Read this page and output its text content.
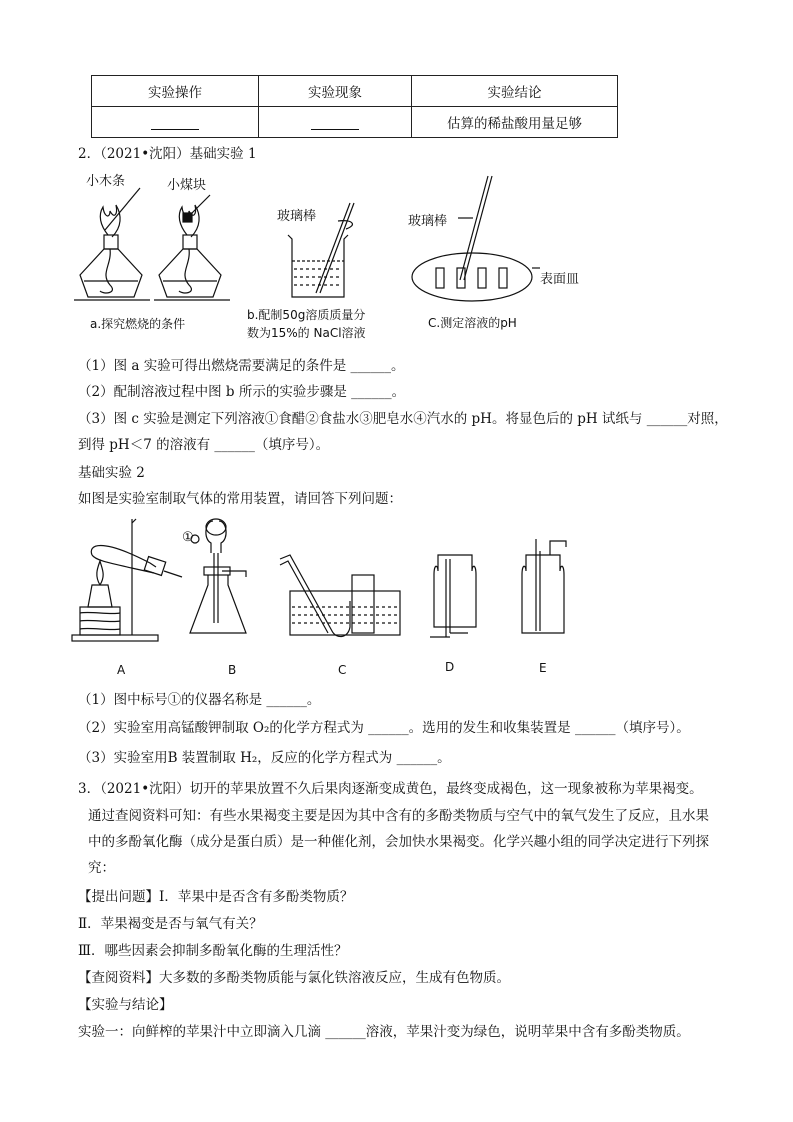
实验操作	实验现象	实验结论
		估算的稀盐酸用量足够
2．（2021•沈阳）基础实验 1
小木条	小煤块
a.探究燃烧的条件
玻璃棒
b.配制50g溶质质量分
数为15%的 NaCl溶液
玻璃棒
表面皿
C.测定溶液的pH
（1）图 a 实验可得出燃烧需要满足的条件是 ______。
（2）配制溶液过程中图 b 所示的实验步骤是 ______。
（3）图 c 实验是测定下列溶液①食醋②食盐水③肥皂水④汽水的 pH。将显色后的 pH 试纸与 ______对照，
到得 pH＜7 的溶液有 ______（填序号）。
基础实验 2
如图是实验室制取气体的常用装置，请回答下列问题：
①
A	B	C	D	E
（1）图中标号①的仪器名称是 ______。
（2）实验室用高锰酸钾制取 O₂的化学方程式为 ______。选用的发生和收集装置是 ______（填序号）。
（3）实验室用B 装置制取 H₂，反应的化学方程式为 ______。
3．（2021•沈阳）切开的苹果放置不久后果肉逐渐变成黄色，最终变成褐色，这一现象被称为苹果褐变。
通过查阅资料可知：有些水果褐变主要是因为其中含有的多酚类物质与空气中的氧气发生了反应，且水果中的多酚氧化酶（成分是蛋白质）是一种催化剂，会加快水果褐变。化学兴趣小组的同学决定进行下列探究：
【提出问题】Ⅰ．苹果中是否含有多酚类物质？
Ⅱ．苹果褐变是否与氧气有关？
Ⅲ．哪些因素会抑制多酚氧化酶的生理活性？
【查阅资料】大多数的多酚类物质能与氯化铁溶液反应，生成有色物质。
【实验与结论】
实验一：向鲜榨的苹果汁中立即滴入几滴 ______溶液，苹果汁变为绿色，说明苹果中含有多酚类物质。
